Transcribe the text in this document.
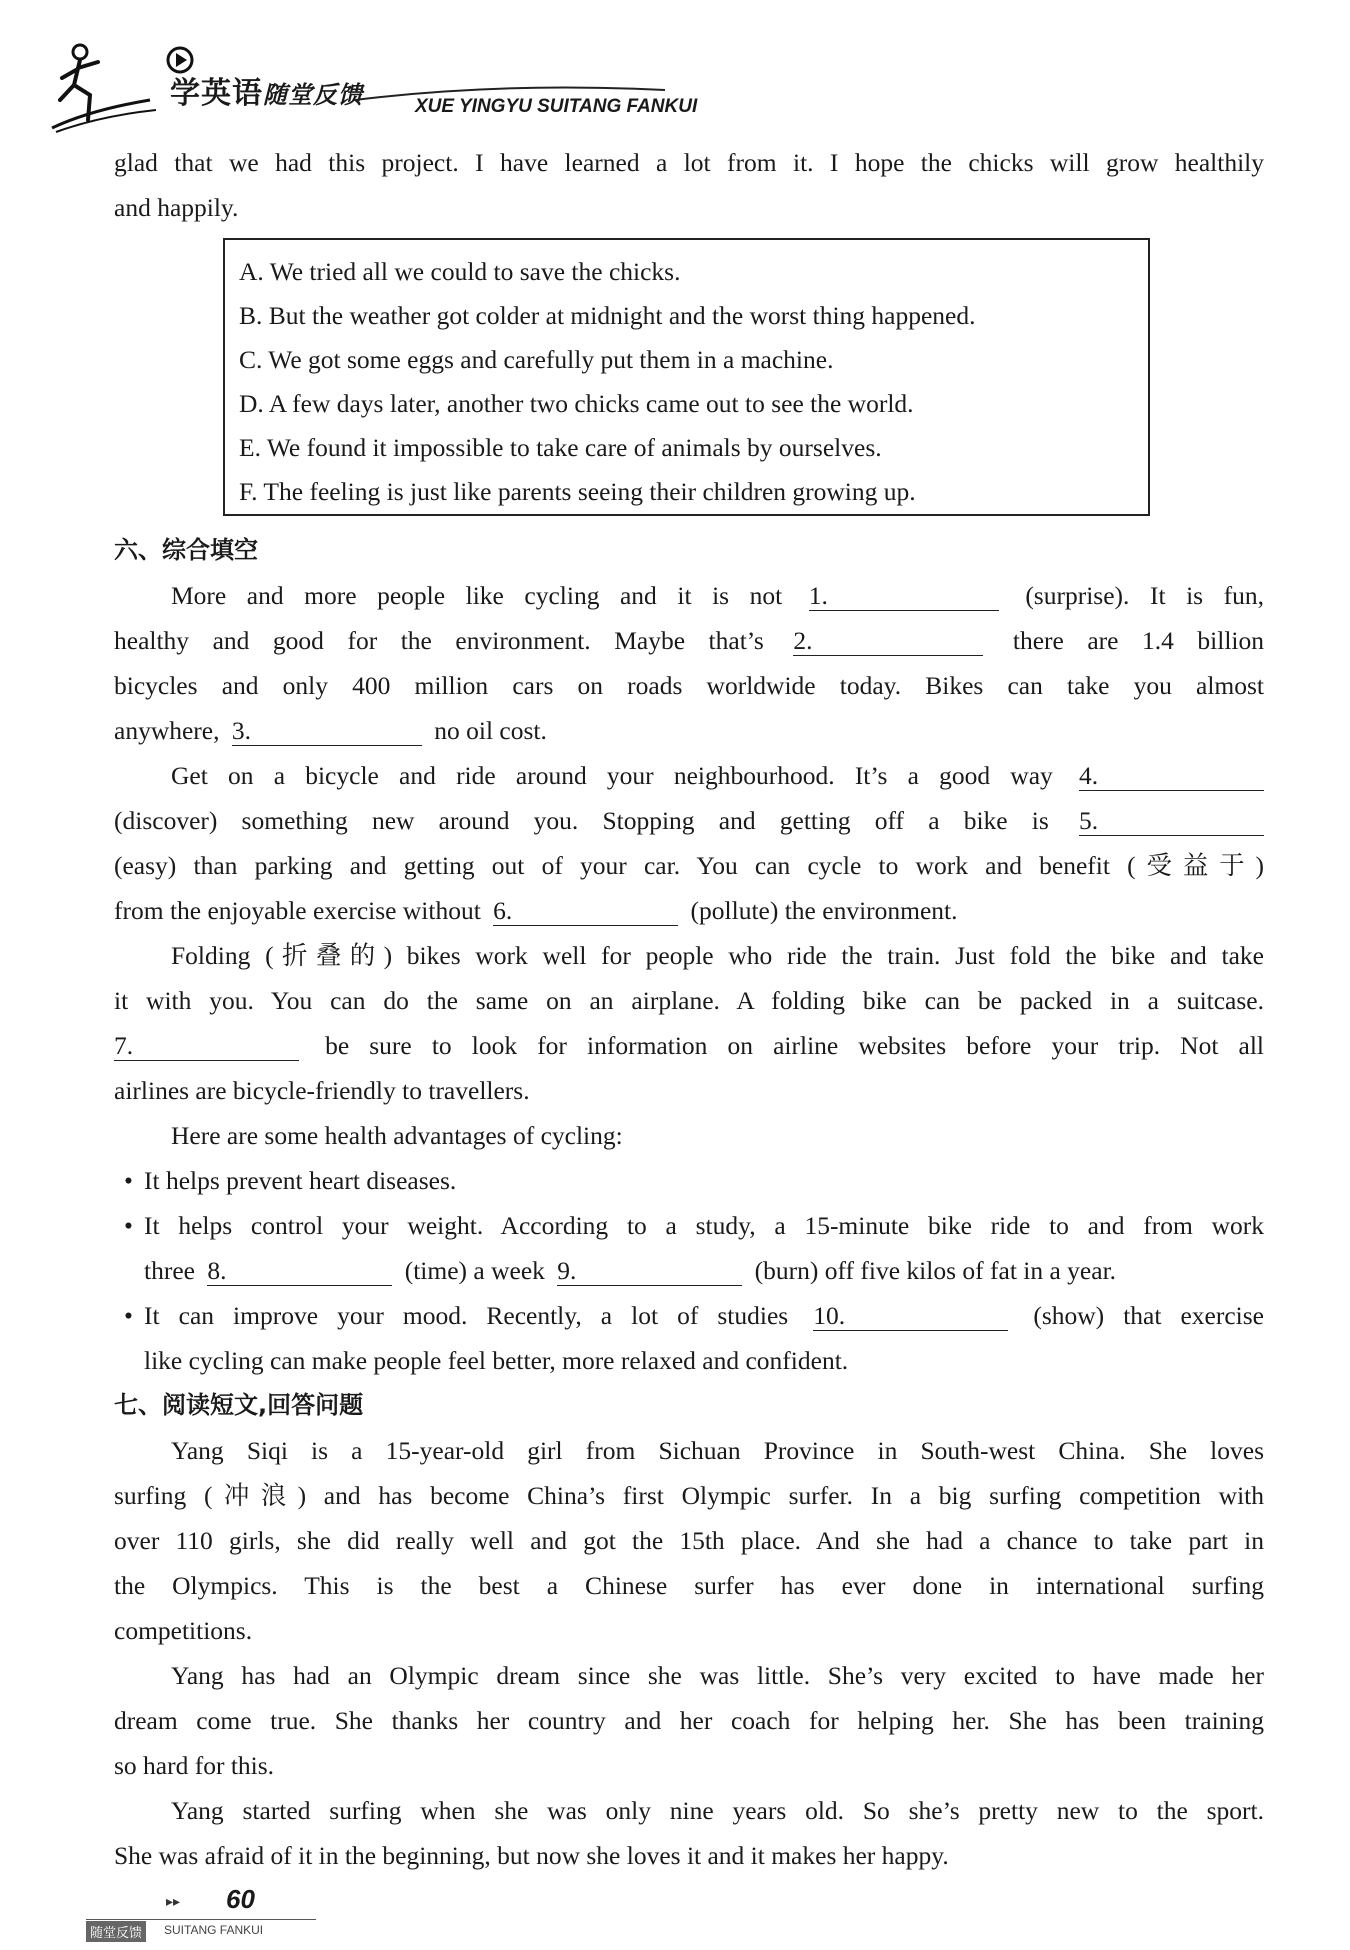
学英语随堂反馈	XUE YINGYU SUITANG FANKUI
glad that we had this project. I have learned a lot from it. I hope the chicks will grow healthily
and happily.
A. We tried all we could to save the chicks.
B. But the weather got colder at midnight and the worst thing happened.
C. We got some eggs and carefully put them in a machine.
D. A few days later, another two chicks came out to see the world.
E. We found it impossible to take care of animals by ourselves.
F. The feeling is just like parents seeing their children growing up.
六、综合填空
More and more people like cycling and it is not 1.	(surprise). It is fun,
healthy and good for the environment. Maybe that’s 2.	there are 1.4 billion
bicycles and only 400 million cars on roads worldwide today. Bikes can take you almost
anywhere, 3.	no oil cost.
Get on a bicycle and ride around your neighbourhood. It’s a good way 4.
(discover) something new around you. Stopping and getting off a bike is 5.
(easy) than parking and getting out of your car. You can cycle to work and benefit (受益于)
from the enjoyable exercise without 6.	(pollute) the environment.
Folding (折叠的) bikes work well for people who ride the train. Just fold the bike and take
it with you. You can do the same on an airplane. A folding bike can be packed in a suitcase.
7.	be sure to look for information on airline websites before your trip. Not all
airlines are bicycle-friendly to travellers.
Here are some health advantages of cycling:
• It helps prevent heart diseases.
• It helps control your weight. According to a study, a 15-minute bike ride to and from work
three 8.	(time) a week 9.	(burn) off five kilos of fat in a year.
• It can improve your mood. Recently, a lot of studies 10.	(show) that exercise
like cycling can make people feel better, more relaxed and confident.
七、阅读短文,回答问题
Yang Siqi is a 15-year-old girl from Sichuan Province in South-west China. She loves
surfing (冲浪) and has become China’s first Olympic surfer. In a big surfing competition with
over 110 girls, she did really well and got the 15th place. And she had a chance to take part in
the Olympics. This is the best a Chinese surfer has ever done in international surfing
competitions.
Yang has had an Olympic dream since she was little. She’s very excited to have made her
dream come true. She thanks her country and her coach for helping her. She has been training
so hard for this.
Yang started surfing when she was only nine years old. So she’s pretty new to the sport.
She was afraid of it in the beginning, but now she loves it and it makes her happy.
▸▸ 60
随堂反馈	SUITANG FANKUI
